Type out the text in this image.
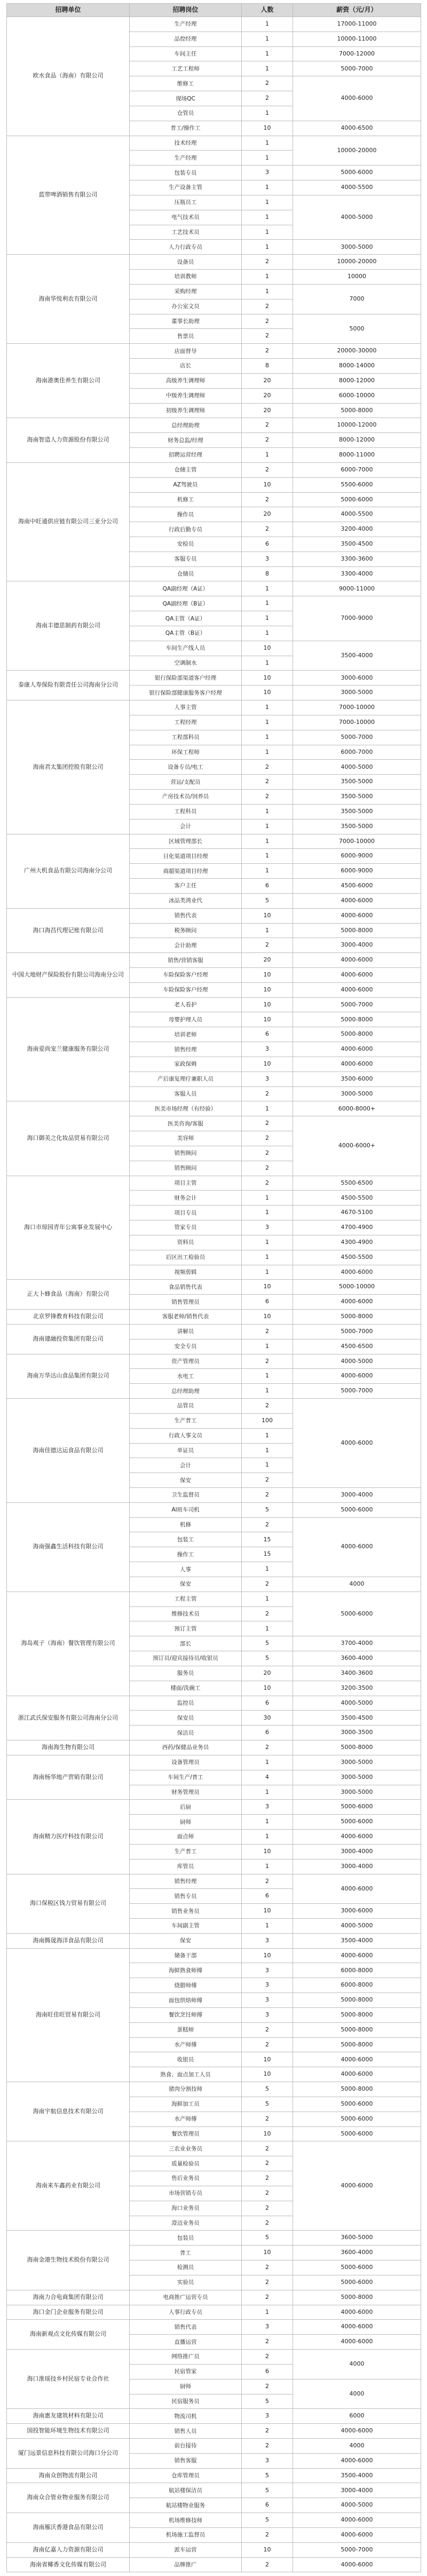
招聘单位	招聘岗位	人数	薪资（元/月）
欧水食品（海南）有限公司	生产经理	1	17000-11000
	品控经理	1	10000-11000
	车间主任	1	7000-12000
	工艺工程师	1	5000-7000
	维修工	2	4000-6000
	现场QC	2	
	仓管员	1	
	普工/操作工	10	4000-6500
蓝带啤酒销售有限公司	技术经理	1	10000-20000
	生产经理	1	
	包装专员	3	5000-6000
	生产设备主管	1	4000-5500
	压瓶员工	1	4000-5000
	电气技术员	1	
	工艺技术员	1	
	人力行政专员	1	3000-5000
海南华悦利农有限公司	设备员	2	10000-20000
	培训教师	1	10000
	采购经理	1	7000
	办公室文员	2	
	董事长助理	2	5000
	售票员	2	
海南港奥佳养生有限公司	店面督导	2	20000-30000
	店长	8	8000-14000
	高级养生调理师	20	8000-12000
	中级养生调理师	20	6000-10000
	初级养生调理师	20	5000-8000
海南智造人力资源股份有限公司	总经理助理	2	10000-12000
	财务总监/经理	2	8000-12000
	招聘运营经理	1	8000-11000
海南中旺通供应链有限公司三亚分公司	仓储主管	2	6000-7000
	AZ驾驶员	10	5500-6000
	机修工	2	5000-6000
	操作员	20	4000-5500
	行政后勤专员	2	3200-4000
	安检员	6	3500-4500
	客服专员	3	3300-3600
	仓储员	8	3300-4000
海南丰德思制药有限公司	QA副经理（A证）	1	9000-11000
	QA副经理（B证）	1	7000-9000
	QA主管（A证）	1	
	QA主管（B证）	1	
	车间生产线人员	10	3500-4000
	空调制水	1	
泰康人寿保险有限责任公司海南分公司	银行保险部渠道客户经理	10	3000-6000
	银行保险部健康服务客户经理	10	3000-5000
海南君太集团控股有限公司	人事主管	1	7000-10000
	工程经理	1	7000-10000
	工程部科员	1	5000-7000
	环保工程师	1	6000-7000
	设备专员/电工	2	4000-5000
	营运/支配员	2	3500-5000
	产房技术员/饲养员	2	3500-5000
	工程科员	1	3500-5000
	会计	1	3500-5000
广州大机食品有限公司海南分公司	区域管理部长	1	7000-10000
	日化渠道项目经理	1	6000-9000
	商超渠道项目经理	1	6000-9000
	客户主任	6	4500-6000
	冰品类湾业代	5	4000-6000
海口海昌代理记账有限公司	销售代表	10	4000-6000
	税务顾问	1	5000-8000
	会计助理	2	3000-4000
中国大地财产保险股份有限公司海南分公司	销售/营销客服	20	4000-6000
	车险保险客户经理	10	4000-6000
	车险保险客户经理	10	4000-6000
海南爱尚宠兰健康服务有限公司	老人看护	10	5000-7000
	母婴护理人员	10	5000-8000
	培训老师	6	5000-8000
	销售经理	3	4000-6000
	家政保姆	10	4000-6000
	产后康复理疗兼职人员	3	3500-6000
	客服人员	2	3000-5000
海口御美之化妆品贸易有限公司	医美市场经理（有经验）	1	6000-8000+
	医美咨询/客服	2	4000-6000+
	美容师	2	
	销售顾问	2	
	销售顾问	2	
海口市琼园青年公寓事业发展中心	项目主管	2	5500-6500
	财务会计	1	4500-5500
	项目专员	1	4670-5100
	管家专员	3	4700-4900
	资料员	1	4300-4900
	后区出工检验员	1	4500-5500
	视频剪辑	1	4000-6000
正大卜蜂食品（海南）有限公司	食品销售代表	10	5000-10000
	销售管理员	6	4000-6000
北京罗锋教育科技有限公司	客服老师/销售代表	10	5000-8000
海南建融投资集团有限公司	讲解员	2	5000-7000
	安全专员	1	4500-6500
海南万华达山食品集团有限公司	资产管理员	2	4000-5000
	水电工	1	4000-6000
	总经理助理	1	5000-7000
海南佳德达运食品有限公司	品管员	2	4000-6000
	生产普工	100	
	行政人事文员	1	
	单证员	1	
	会计	1	
	保安	2	
	卫生监督员	2	3000-4000
海南强鑫生活科技有限公司	AI班车司机	5	5000-6000
	机修	2	4000-6000
	包装工	15	
	操作工	15	
	人事	1	
	保安	2	4000
海岛观子（海南）餐饮管理有限公司	工程主管	1	5000-6000
	维修技术员	2	
	预订主管	1	
	部长	5	3700-4000
	预订员/迎宾接待员/收银员	5	3600-4000
	服务员	20	3400-3600
	楼面/洗碗工	10	3200-3500
浙江武氏保安服务有限公司海南分公司	监控员	6	4000-5000
	保安员	30	3500-4500
	保洁员	6	3000-3500
海南海生物有限公司	西药/保健品业务员	2	5000-8000
海南杨华地产营销有限公司	设备管理员	1	3000-5000
	车间生产/普工	4	3000-5000
	财务管理员	1	3000-5000
海南精力医疗科技有限公司	后厨	3	5000-6000
	厨师	1	5000-6000
	面点师	1	4000-6000
	生产普工	10	3000-4000
	库管员	1	3000-4000
海口保税区钱力贸易有限公司	销售经理	2	4000-6000
	销售专员	6	
	销售业务员	10	3000-6000
	车间副主管	1	4000-5000
海南腾晟海洋食品有限公司	保安	3	3500-4000
海南旺佳旺贸易有限公司	储备干部	10	4000-6000
	海鲜熟食师傅	3	6000-8000
	烧腊师傅	3	6000-8000
	面包烘焙师傅	3	5000-8000
	餐饮烹饪师傅	3	5000-8000
	蛋糕师	2	5000-8000
	水产师傅	2	5000-8000
	收银员	10	4000-6000
	熟食、面点加工人员	10	4000-6000
海南宇航信息技术有限公司	猪肉分割技师	5	5000-8000
	海鲜加工员	5	5000-6000
	水产师傅	2	5000-6000
	餐饮管理员	10	5000-6000
海南来车鑫药业有限公司	三农业业务员	2	4000-6000
	质量检验员	2	
	售后业务员	2	
	市场营销专员	2	
	海口业务员	2	
	澄迈业务员	2	
海南金港生物技术股份有限公司	包装员	5	3600-5000
	普工	10	3600-4000
	检测员	2	5000-6000
	实验员	2	5000-6000
海南力合电商集团有限公司	电商推广运营专员	2	5000-8000
海口金门企业服务有限公司	人事行政专员	1	4000-6000
海南新观点文化传媒有限公司	销售代表	3	4000-6000
	直播运营	2	4000-6000
海口淮瑶技乡村民宿专业合作社	网络推广员	2	4000
	民宿管家	6	
	厨师	2	4000
	民宿服务员	5	
海南惠友建筑材料有限公司	物流司机	3	6000
国投智能环境生物技术有限公司	销售人员	2	4000-6000
厦门远景信息科技有限公司海口分公司	前台接待	2	4000
	销售客服	3	4000-6000
海南众创物流有限公司	仓库管理员	5	3500-4000
海南众合管业物业服务有限公司	航站楼保洁员	5	3000-4000
	航站楼物业服务	6	4000-5000
海南雁沃香港食品有限公司	机场维修技师	5	4000-6000
	机场施工监督员	2	4000-6000
海南亿嘉人力资源有限公司	派车运营	10	5000-7000
海南省椰香文化传媒有限公司	品牌推广	2	4000-6000
